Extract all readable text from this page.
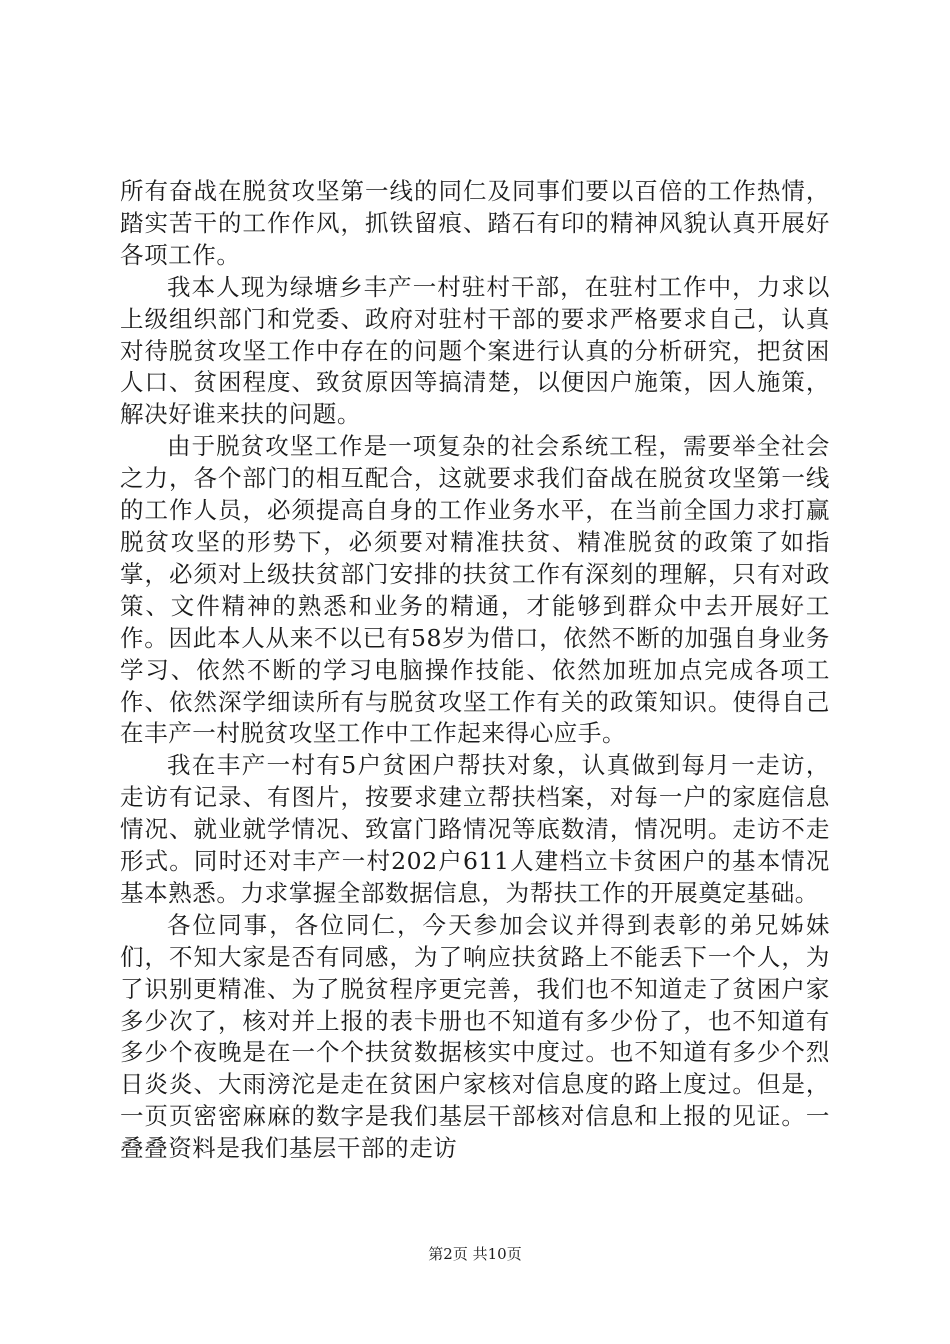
所有奋战在脱贫攻坚第一线的同仁及同事们要以百倍的工作热情，踏实苦干的工作作风，抓铁留痕、踏石有印的精神风貌认真开展好各项工作。

我本人现为绿塘乡丰产一村驻村干部，在驻村工作中，力求以上级组织部门和党委、政府对驻村干部的要求严格要求自己，认真对待脱贫攻坚工作中存在的问题个案进行认真的分析研究，把贫困人口、贫困程度、致贫原因等搞清楚，以便因户施策，因人施策，解决好谁来扶的问题。

由于脱贫攻坚工作是一项复杂的社会系统工程，需要举全社会之力，各个部门的相互配合，这就要求我们奋战在脱贫攻坚第一线的工作人员，必须提高自身的工作业务水平，在当前全国力求打赢脱贫攻坚的形势下，必须要对精准扶贫、精准脱贫的政策了如指掌，必须对上级扶贫部门安排的扶贫工作有深刻的理解，只有对政策、文件精神的熟悉和业务的精通，才能够到群众中去开展好工作。因此本人从来不以已有58岁为借口，依然不断的加强自身业务学习、依然不断的学习电脑操作技能、依然加班加点完成各项工作、依然深学细读所有与脱贫攻坚工作有关的政策知识。使得自己在丰产一村脱贫攻坚工作中工作起来得心应手。

我在丰产一村有5户贫困户帮扶对象，认真做到每月一走访，走访有记录、有图片，按要求建立帮扶档案，对每一户的家庭信息情况、就业就学情况、致富门路情况等底数清，情况明。走访不走形式。同时还对丰产一村202户611人建档立卡贫困户的基本情况基本熟悉。力求掌握全部数据信息，为帮扶工作的开展奠定基础。

各位同事，各位同仁，今天参加会议并得到表彰的弟兄姊妹们，不知大家是否有同感，为了响应扶贫路上不能丢下一个人，为了识别更精准、为了脱贫程序更完善，我们也不知道走了贫困户家多少次了，核对并上报的表卡册也不知道有多少份了，也不知道有多少个夜晚是在一个个扶贫数据核实中度过。也不知道有多少个烈日炎炎、大雨滂沱是走在贫困户家核对信息度的路上度过。但是，一页页密密麻麻的数字是我们基层干部核对信息和上报的见证。一叠叠资料是我们基层干部的走访

第2页 共10页
